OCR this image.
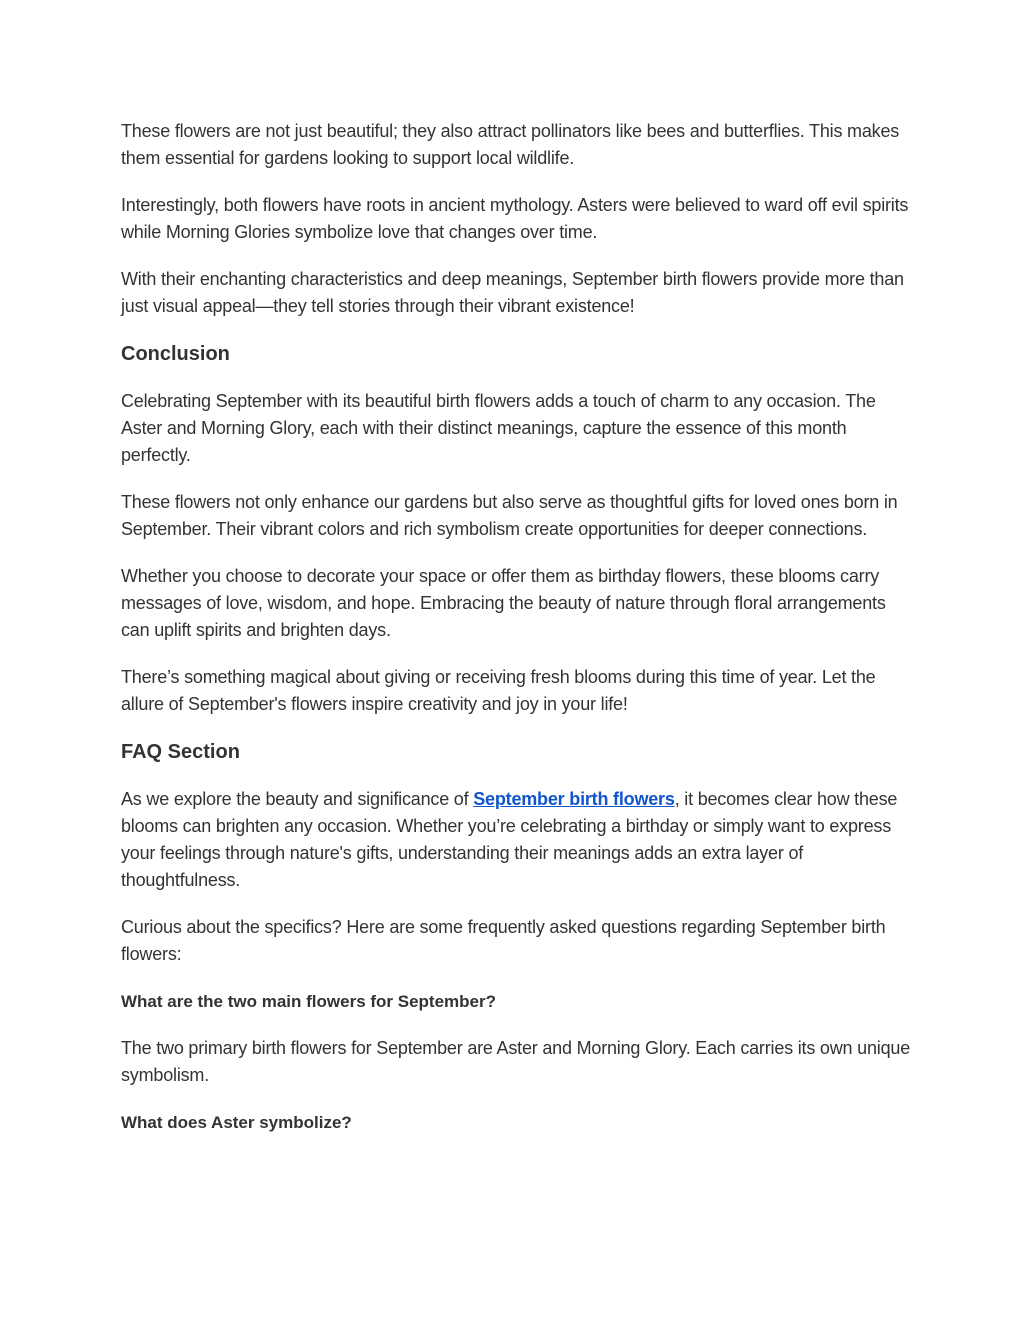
These flowers are not just beautiful; they also attract pollinators like bees and butterflies. This makes them essential for gardens looking to support local wildlife.

Interestingly, both flowers have roots in ancient mythology. Asters were believed to ward off evil spirits while Morning Glories symbolize love that changes over time.

With their enchanting characteristics and deep meanings, September birth flowers provide more than just visual appeal—they tell stories through their vibrant existence!

Conclusion

Celebrating September with its beautiful birth flowers adds a touch of charm to any occasion. The Aster and Morning Glory, each with their distinct meanings, capture the essence of this month perfectly.

These flowers not only enhance our gardens but also serve as thoughtful gifts for loved ones born in September. Their vibrant colors and rich symbolism create opportunities for deeper connections.

Whether you choose to decorate your space or offer them as birthday flowers, these blooms carry messages of love, wisdom, and hope. Embracing the beauty of nature through floral arrangements can uplift spirits and brighten days.

There’s something magical about giving or receiving fresh blooms during this time of year. Let the allure of September's flowers inspire creativity and joy in your life!

FAQ Section

As we explore the beauty and significance of September birth flowers, it becomes clear how these blooms can brighten any occasion. Whether you’re celebrating a birthday or simply want to express your feelings through nature's gifts, understanding their meanings adds an extra layer of thoughtfulness.

Curious about the specifics? Here are some frequently asked questions regarding September birth flowers:

What are the two main flowers for September?

The two primary birth flowers for September are Aster and Morning Glory. Each carries its own unique symbolism.

What does Aster symbolize?
